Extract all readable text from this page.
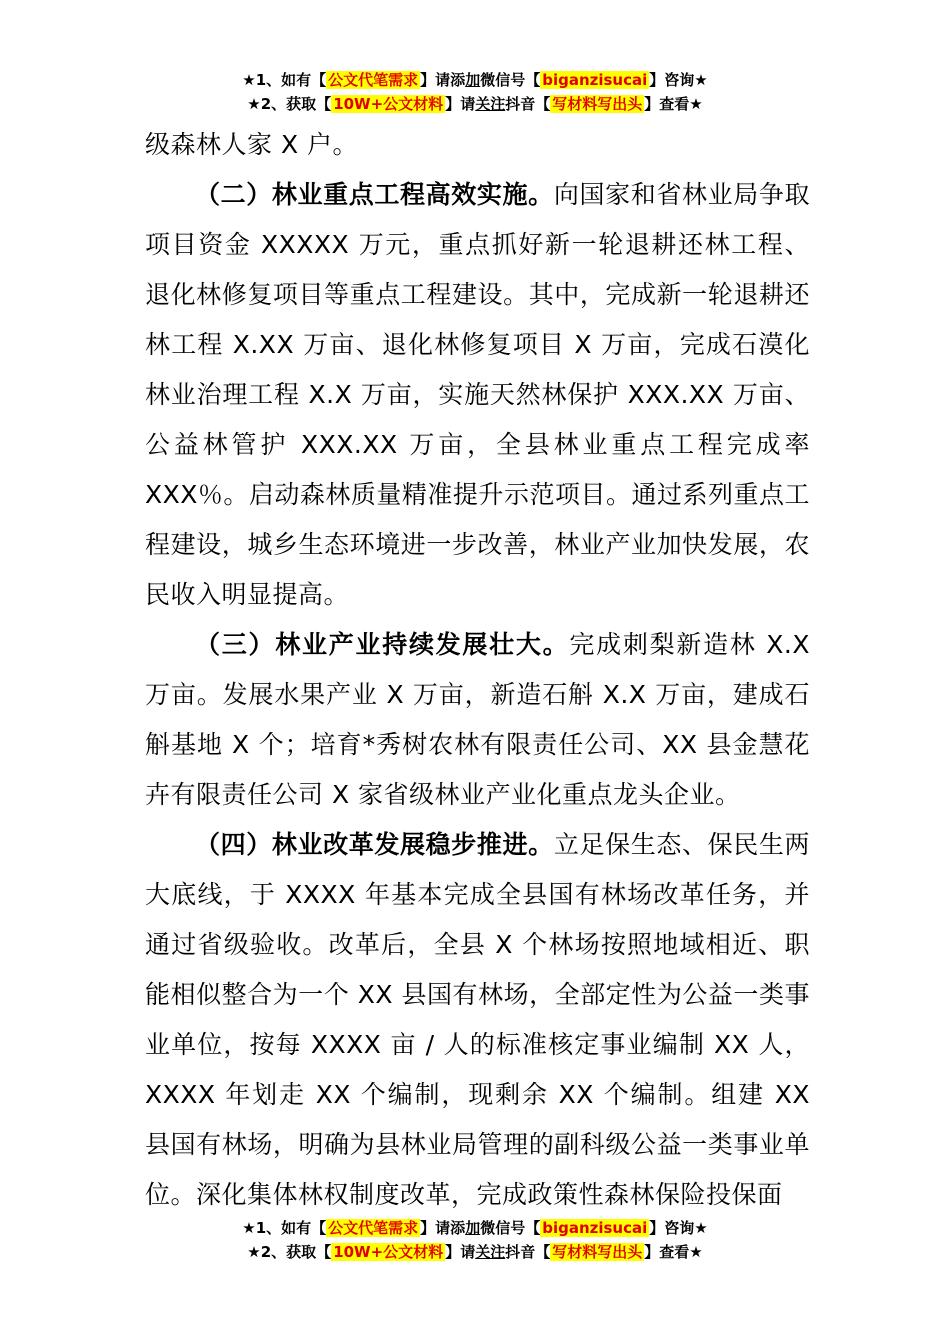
★1、如有【 公文代笔需求 】请添加微信号【 biganzisucai 】咨询★
★2、获取【 10W+公文材料 】请关注抖音【 写材料写出头 】查看★

级森林人家 X 户。

（二）林业重点工程高效实施。向国家和省林业局争取项目资金 XXXXX 万元，重点抓好新一轮退耕还林工程、退化林修复项目等重点工程建设。其中，完成新一轮退耕还林工程 X.XX 万亩、退化林修复项目 X 万亩，完成石漠化林业治理工程 X.X 万亩，实施天然林保护 XXX.XX 万亩、公益林管护 XXX.XX 万亩，全县林业重点工程完成率 XXX％。启动森林质量精准提升示范项目。通过系列重点工程建设，城乡生态环境进一步改善，林业产业加快发展，农民收入明显提高。

（三）林业产业持续发展壮大。完成刺梨新造林 X.X 万亩。发展水果产业 X 万亩，新造石斛 X.X 万亩，建成石斛基地 X 个；培育*秀树农林有限责任公司、XX 县金慧花卉有限责任公司 X 家省级林业产业化重点龙头企业。

（四）林业改革发展稳步推进。立足保生态、保民生两大底线，于 XXXX 年基本完成全县国有林场改革任务，并通过省级验收。改革后，全县 X 个林场按照地域相近、职能相似整合为一个 XX 县国有林场，全部定性为公益一类事业单位，按每 XXXX 亩 / 人的标准核定事业编制 XX 人，XXXX 年划走 XX 个编制，现剩余 XX 个编制。组建 XX 县国有林场，明确为县林业局管理的副科级公益一类事业单位。深化集体林权制度改革，完成政策性森林保险投保面

★1、如有【 公文代笔需求 】请添加微信号【 biganzisucai 】咨询★
★2、获取【 10W+公文材料 】请关注抖音【 写材料写出头 】查看★
